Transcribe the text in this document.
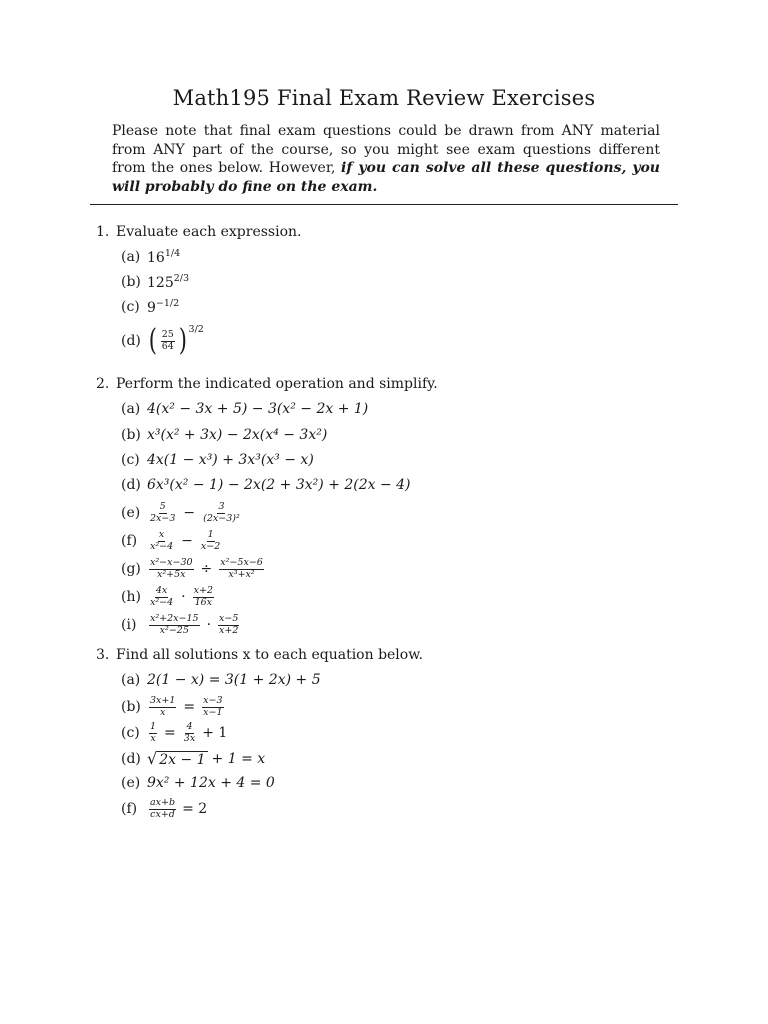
Math195 Final Exam Review Exercises
Please note that final exam questions could be drawn from ANY material from ANY part of the course, so you might see exam questions different from the ones below. However, if you can solve all these questions, you will probably do fine on the exam.
1. Evaluate each expression.
(a) $16^{1/4}$
(b) $125^{2/3}$
(c) $9^{-1/2}$
(d) ( $\frac{25}{64}$ ) 3/2
2. Perform the indicated operation and simplify.
(a) 4(x² − 3x + 5) − 3(x² − 2x + 1)
(b) x³(x² + 3x) − 2x(x⁴ − 3x²)
(c) 4x(1 − x³) + 3x³(x³ − x)
(d) 6x³(x² − 1) − 2x(2 + 3x²) + 2(2x − 4)
$(e) \frac{5}{2x-3} - \frac{3}{\text{(2x−3)²}}$
(f)	$\frac{x}{\text{x²−4}} - \frac{1}{x-2}$
$(g) \frac{\text{x²−x−30}}{\text{x²+5x}} \div \frac{\text{x²−5x−6}}{\text{x³+x²}}$
$(h) \frac{4x}{\text{x²−4}} \cdot \frac{x+2}{16x}$
(i)	$\frac{\text{x²+2x−15}}{\text{x²−25}} \cdot \frac{x-5}{x+2}$
3. Find all solutions x to each equation below.
(a) 2(1 − x) = 3(1 + 2x) + 5
$(b) \frac{3x+1}{x} = \frac{x-3}{x-1}$
$(c) \frac{1}{x} = \frac{4}{3x} + 1$
(d) √ 2x − 1 + 1 = x
(e) 9x² + 12x + 4 = 0
(f)	$\frac{ax+b}{cx+d} = 2$
